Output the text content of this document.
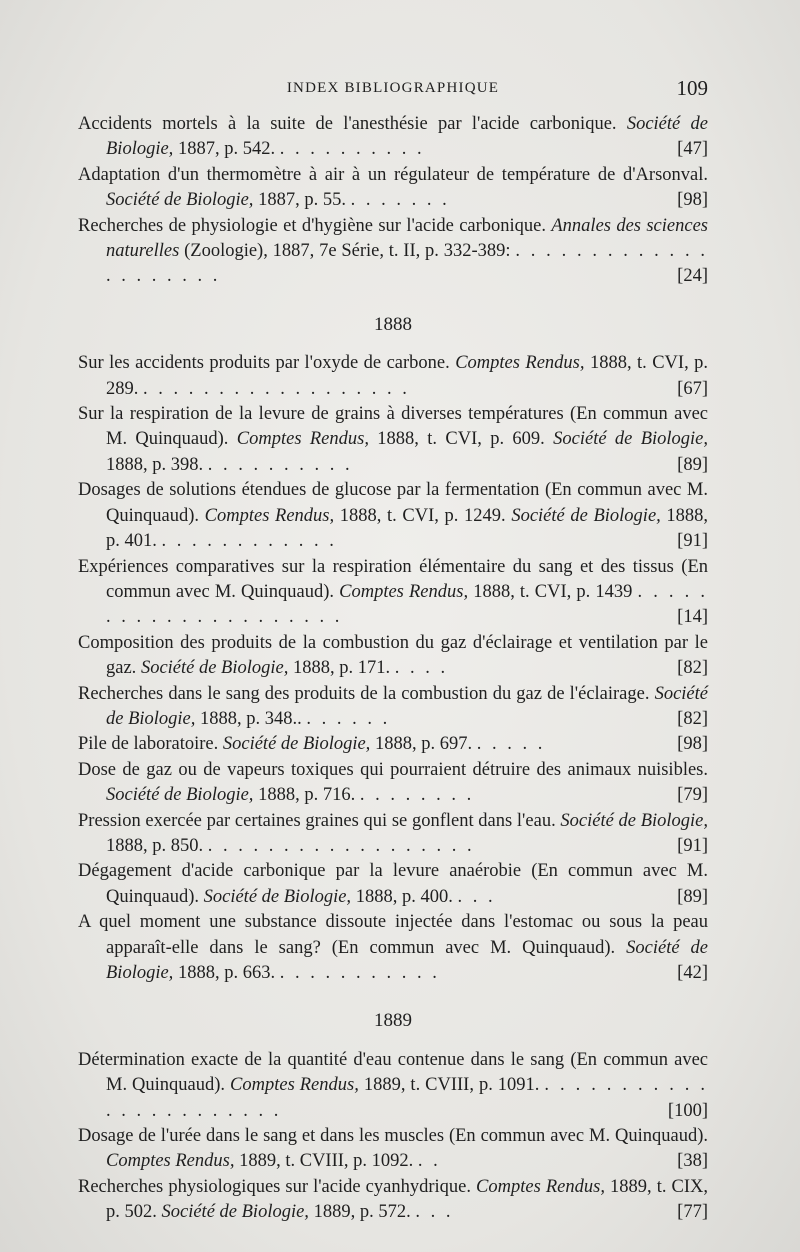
INDEX BIBLIOGRAPHIQUE	109
Accidents mortels à la suite de l'anesthésie par l'acide carbonique. Société de Biologie, 1887, p. 542. . . . . . . . . . .	[47]
Adaptation d'un thermomètre à air à un régulateur de température de d'Arsonval. Société de Biologie, 1887, p. 55. . . . . . . .	[98]
Recherches de physiologie et d'hygiène sur l'acide carbonique. Annales des sciences naturelles (Zoologie), 1887, 7e Série, t. II, p. 332-389: . . . . . . . . . . . . . . . . . . . . .	[24]
1888
Sur les accidents produits par l'oxyde de carbone. Comptes Rendus, 1888, t. CVI, p. 289. . . . . . . . . . . . . . . . . . .	[67]
Sur la respiration de la levure de grains à diverses températures (En commun avec M. Quinquaud). Comptes Rendus, 1888, t. CVI, p. 609. Société de Biologie, 1888, p. 398. . . . . . . . . . .	[89]
Dosages de solutions étendues de glucose par la fermentation (En commun avec M. Quinquaud). Comptes Rendus, 1888, t. CVI, p. 1249. Société de Biologie, 1888, p. 401. . . . . . . . . . . . .	[91]
Expériences comparatives sur la respiration élémentaire du sang et des tissus (En commun avec M. Quinquaud). Comptes Rendus, 1888, t. CVI, p. 1439 . . . . . . . . . . . . . . . . . . . . .	[14]
Composition des produits de la combustion du gaz d'éclairage et ventilation par le gaz. Société de Biologie, 1888, p. 171. . . . .	[82]
Recherches dans le sang des produits de la combustion du gaz de l'éclairage. Société de Biologie, 1888, p. 348.. . . . . . .	[82]
Pile de laboratoire. Société de Biologie, 1888, p. 697. . . . . .	[98]
Dose de gaz ou de vapeurs toxiques qui pourraient détruire des animaux nuisibles. Société de Biologie, 1888, p. 716. . . . . . . . .	[79]
Pression exercée par certaines graines qui se gonflent dans l'eau. Société de Biologie, 1888, p. 850. . . . . . . . . . . . . . . . . . .	[91]
Dégagement d'acide carbonique par la levure anaérobie (En commun avec M. Quinquaud). Société de Biologie, 1888, p. 400. . . .	[89]
A quel moment une substance dissoute injectée dans l'estomac ou sous la peau apparaît-elle dans le sang? (En commun avec M. Quinquaud). Société de Biologie, 1888, p. 663. . . . . . . . . . . .	[42]
1889
Détermination exacte de la quantité d'eau contenue dans le sang (En commun avec M. Quinquaud). Comptes Rendus, 1889, t. CVIII, p. 1091. . . . . . . . . . . . . . . . . . . . . . . .	[100]
Dosage de l'urée dans le sang et dans les muscles (En commun avec M. Quinquaud). Comptes Rendus, 1889, t. CVIII, p. 1092. . .	[38]
Recherches physiologiques sur l'acide cyanhydrique. Comptes Rendus, 1889, t. CIX, p. 502. Société de Biologie, 1889, p. 572. . . .	[77]
